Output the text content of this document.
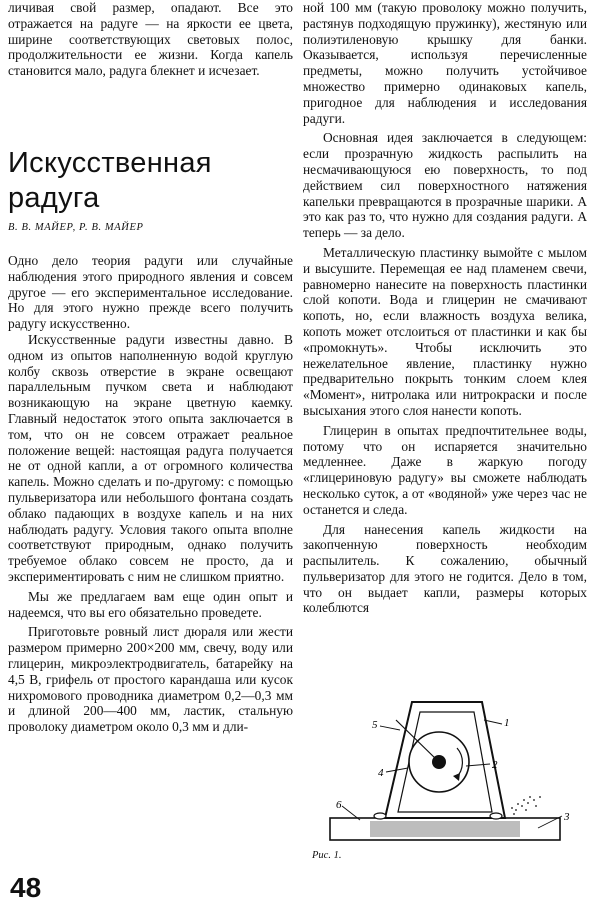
личивая свой размер, опадают. Все это отражается на радуге — на яркости ее цвета, ширине соответствующих световых полос, продолжительности ее жизни. Когда капель становится мало, радуга блекнет и исчезает.

Искусственная
радуга
В. В. МАЙЕР, Р. В. МАЙЕР

Одно дело теория радуги или случайные наблюдения этого природного явления и совсем другое — его экспериментальное исследование. Но для этого нужно прежде всего получить радугу искусственно.

Искусственные радуги известны давно. В одном из опытов наполненную водой круглую колбу сквозь отверстие в экране освещают параллельным пучком света и наблюдают возникающую на экране цветную каемку. Главный недостаток этого опыта заключается в том, что он не совсем отражает реальное положение вещей: настоящая радуга получается не от одной капли, а от огромного количества капель. Можно сделать и по-другому: с помощью пульверизатора или небольшого фонтана создать облако падающих в воздухе капель и на них наблюдать радугу. Условия такого опыта вполне соответствуют природным, однако получить требуемое облако совсем не просто, да и экспериментировать с ним не слишком приятно.

Мы же предлагаем вам еще один опыт и надеемся, что вы его обязательно проведете.

Приготовьте ровный лист дюраля или жести размером примерно 200×200 мм, свечу, воду или глицерин, микроэлектродвигатель, батарейку на 4,5 В, грифель от простого карандаша или кусок нихромового проводника диаметром 0,2—0,3 мм и длиной 200—400 мм, ластик, стальную проволоку диаметром около 0,3 мм и дли-

ной 100 мм (такую проволоку можно получить, растянув подходящую пружинку), жестяную или полиэтиленовую крышку для банки. Оказывается, используя перечисленные предметы, можно получить устойчивое множество примерно одинаковых капель, пригодное для наблюдения и исследования радуги.

Основная идея заключается в следующем: если прозрачную жидкость распылить на несмачивающуюся ею поверхность, то под действием сил поверхностного натяжения капельки превращаются в прозрачные шарики. А это как раз то, что нужно для создания радуги. А теперь — за дело.

Металлическую пластинку вымойте с мылом и высушите. Перемещая ее над пламенем свечи, равномерно нанесите на поверхность пластинки слой копоти. Вода и глицерин не смачивают копоть, но, если влажность воздуха велика, копоть может отслоиться от пластинки и как бы «промокнуть». Чтобы исключить это нежелательное явление, пластинку нужно предварительно покрыть тонким слоем клея «Момент», нитролака или нитрокраски и после высыхания этого слоя нанести копоть.

Глицерин в опытах предпочтительнее воды, потому что он испаряется значительно медленнее. Даже в жаркую погоду «глицериновую радугу» вы сможете наблюдать несколько суток, а от «водяной» уже через час не останется и следа.

Для нанесения капель жидкости на закопченную поверхность необходим распылитель. К сожалению, обычный пульверизатор для этого не годится. Дело в том, что он выдает капли, размеры которых колеблются

5	1
4
2
6
3
Рис. 1.
48
